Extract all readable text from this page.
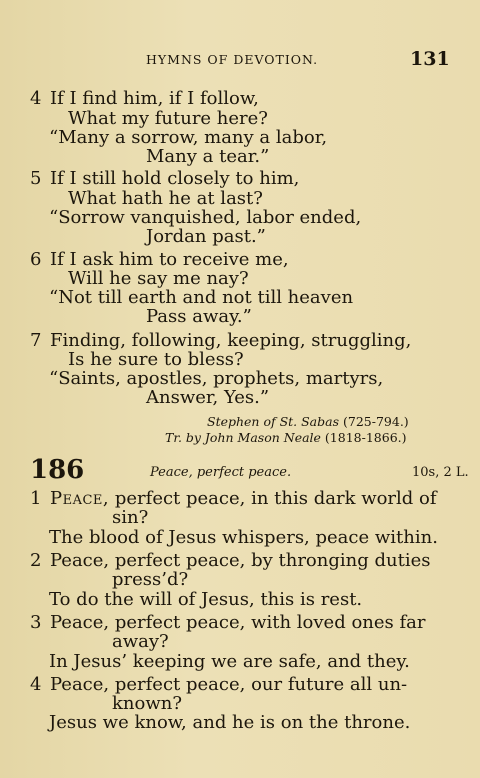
HYMNS OF DEVOTION.	131
4 If I find him, if I follow,
What my future here?
“Many a sorrow, many a labor,
Many a tear.”
5 If I still hold closely to him,
What hath he at last?
“Sorrow vanquished, labor ended,
Jordan past.”
6 If I ask him to receive me,
Will he say me nay?
“Not till earth and not till heaven
Pass away.”
7 Finding, following, keeping, struggling,
Is he sure to bless?
“Saints, apostles, prophets, martyrs,
Answer, Yes.”
Stephen of St. Sabas (725-794.)
Tr. by John Mason Neale (1818-1866.)
186	Peace, perfect peace.	10s, 2 L.
1 Peace, perfect peace, in this dark world of
sin?
The blood of Jesus whispers, peace within.
2 Peace, perfect peace, by thronging duties
press’d?
To do the will of Jesus, this is rest.
3 Peace, perfect peace, with loved ones far
away?
In Jesus’ keeping we are safe, and they.
4 Peace, perfect peace, our future all un-
known?
Jesus we know, and he is on the throne.
